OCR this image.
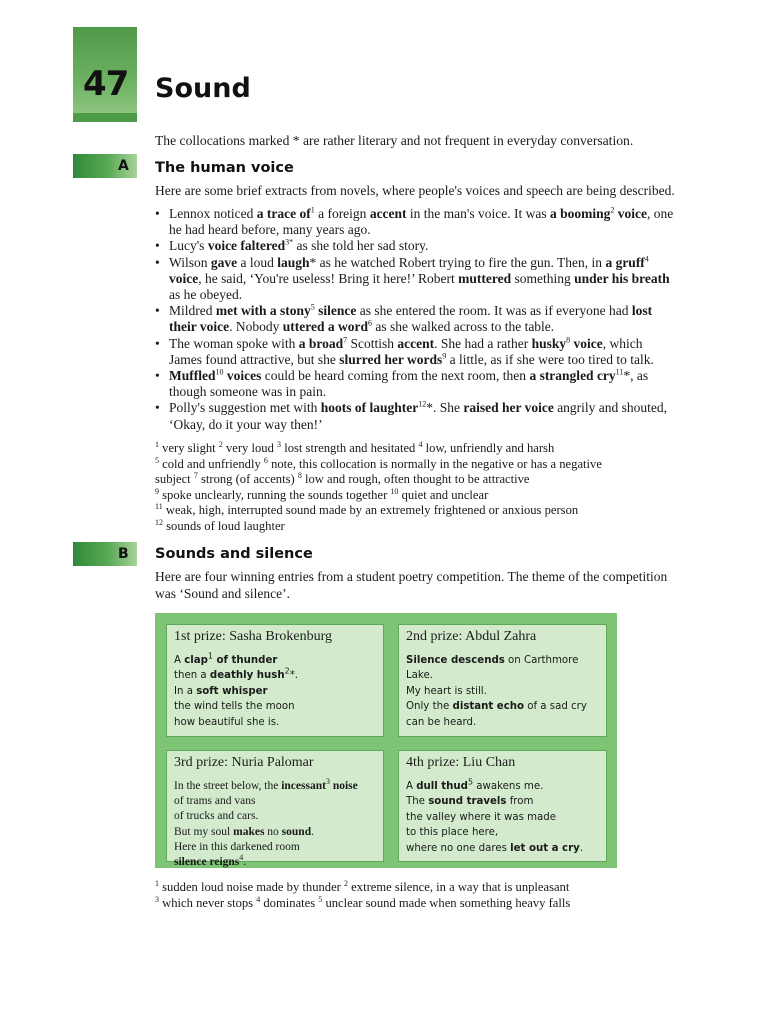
47 Sound
The collocations marked * are rather literary and not frequent in everyday conversation.
A The human voice
Here are some brief extracts from novels, where people's voices and speech are being described.
• Lennox noticed a trace $of^1$ a foreign accent in the man's voice. It was a booming$^2$ voice, one he had heard before, many years ago.
• Lucy's voice faltered$^{3*}$ as she told her sad story.
• Wilson gave a loud laugh* as he watched Robert trying to fire the gun. Then, in a gruff$^4$ voice, he said, ‘You're useless! Bring it here!’ Robert muttered something under his breath as he obeyed.
• Mildred met with a stony$^5$ silence as she entered the room. It was as if everyone had lost their voice. Nobody uttered a word$^6$ as she walked across to the table.
• The woman spoke with a broad$^7$ Scottish accent. She had a rather husky$^8$ voice, which James found attractive, but she slurred her words$^9$ a little, as if she were too tired to talk.
• Muffled$^{10}$ voices could be heard coming from the next room, then a strangled cry$^{11}$*, as though someone was in pain.
• Polly's suggestion met with hoots of laughter$^{12}$*. She raised her voice angrily and shouted, ‘Okay, do it your way then!’
$^1$ very slight $^2$ very loud $^3$ lost strength and hesitated $^4$ low, unfriendly and harsh
$^5$ cold and unfriendly $^6$ note, this collocation is normally in the negative or has a negative
subject $^7$ strong (of accents) $^8$ low and rough, often thought to be attractive
$^9$ spoke unclearly, running the sounds together $^{10}$ quiet and unclear
$^{11}$ weak, high, interrupted sound made by an extremely frightened or anxious person
$^{12}$ sounds of loud laughter
B Sounds and silence
Here are four winning entries from a student poetry competition. The theme of the competition was ‘Sound and silence’.
1st prize: Sasha Brokenburg
A clap$^1$ of thunder
then a deathly hush$^2$*.
In a soft whisper
the wind tells the moon
how beautiful she is.
2nd prize: Abdul Zahra
Silence descends on Carthmore Lake.
My heart is still.
Only the distant echo of a sad cry
can be heard.
3rd prize: Nuria Palomar
In the street below, the incessant$^3$ noise
of trams and vans
of trucks and cars.
But my soul makes no sound.
Here in this darkened room
silence reigns$^4$.
4th prize: Liu Chan
A dull thud$^5$ awakens me.
The sound travels from
the valley where it was made
to this place here,
where no one dares let out a cry.
$^1$ sudden loud noise made by thunder $^2$ extreme silence, in a way that is unpleasant
$^3$ which never stops $^4$ dominates $^5$ unclear sound made when something heavy falls
